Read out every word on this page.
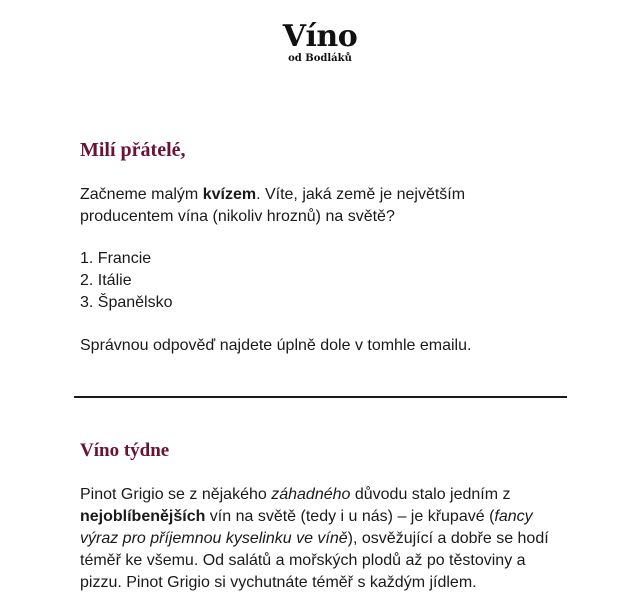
Víno
od Bodláků
Milí přátelé,

Začneme malým kvízem. Víte, jaká země je největším producentem vína (nikoliv hroznů) na světě?

1. Francie
2. Itálie
3. Španělsko

Správnou odpověď najdete úplně dole v tomhle emailu.

Víno týdne

Pinot Grigio se z nějakého záhadného důvodu stalo jedním z nejoblíbenějších vín na světě (tedy i u nás) – je křupavé (fancy výraz pro příjemnou kyselinku ve víně), osvěžující a dobře se hodí téměř ke všemu. Od salátů a mořských plodů až po těstoviny a pizzu. Pinot Grigio si vychutnáte téměř s každým jídlem.
